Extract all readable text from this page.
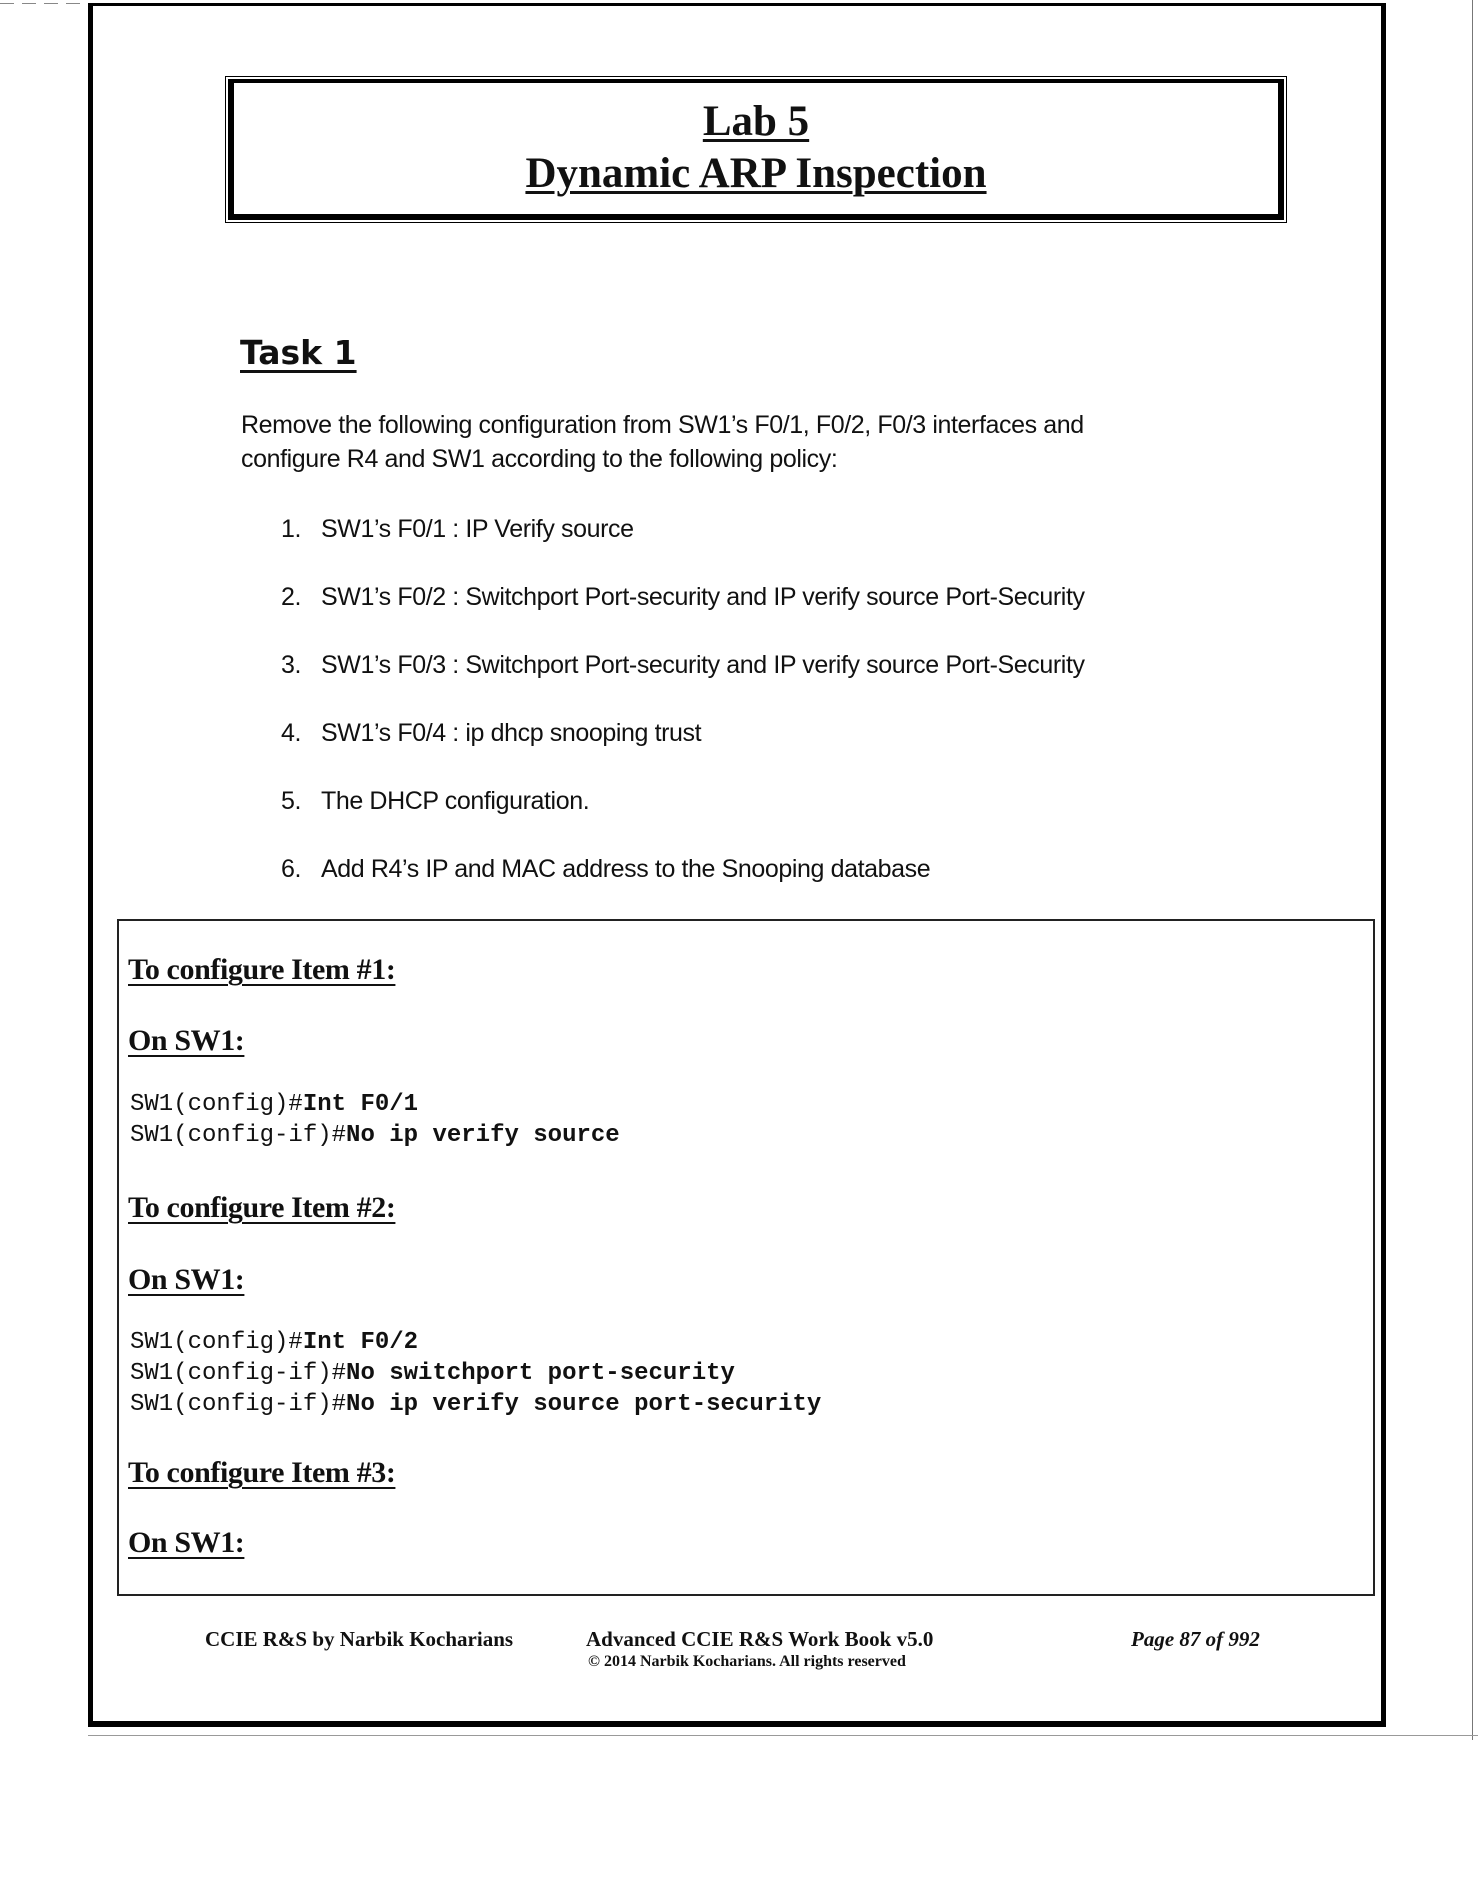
Lab 5
Dynamic ARP Inspection
Task 1
Remove the following configuration from SW1’s F0/1, F0/2, F0/3 interfaces and
configure R4 and SW1 according to the following policy:
1. SW1’s F0/1 : IP Verify source
2. SW1’s F0/2 : Switchport Port-security and IP verify source Port-Security
3. SW1’s F0/3 : Switchport Port-security and IP verify source Port-Security
4. SW1’s F0/4 : ip dhcp snooping trust
5. The DHCP configuration.
6. Add R4’s IP and MAC address to the Snooping database
To configure Item #1:
On SW1:
SW1(config)#Int F0/1
SW1(config-if)#No ip verify source
To configure Item #2:
On SW1:
SW1(config)#Int F0/2
SW1(config-if)#No switchport port-security
SW1(config-if)#No ip verify source port-security
To configure Item #3:
On SW1:
CCIE R&S by Narbik Kocharians	Advanced CCIE R&S Work Book v5.0
© 2014 Narbik Kocharians. All rights reserved
Page 87 of 992
